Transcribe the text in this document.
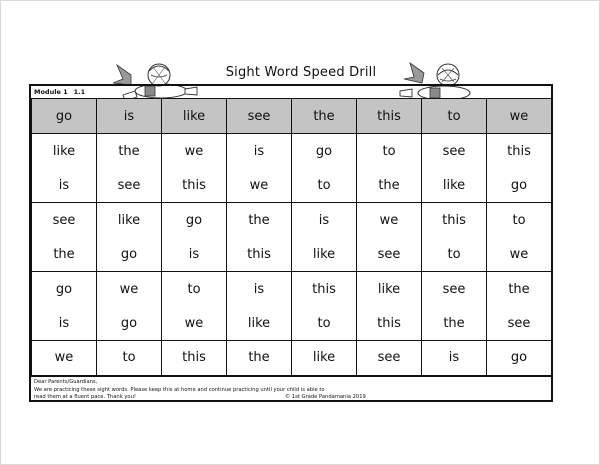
Sight Word Speed Drill
Module 1 1.1
go	is	like	see	the	this	to	we
like	the	we	is	go	to	see	this
is	see	this	we	to	the	like	go
see	like	go	the	is	we	this	to
the	go	is	this	like	see	to	we
go	we	to	is	this	like	see	the
is	go	we	like	to	this	the	see
we	to	this	the	like	see	is	go
Dear Parents/Guardians,
We are practicing these sight words. Please keep this at home and continue practicing until your child is able to
read them at a fluent pace. Thank you!	© 1st Grade Pandamania 2019
